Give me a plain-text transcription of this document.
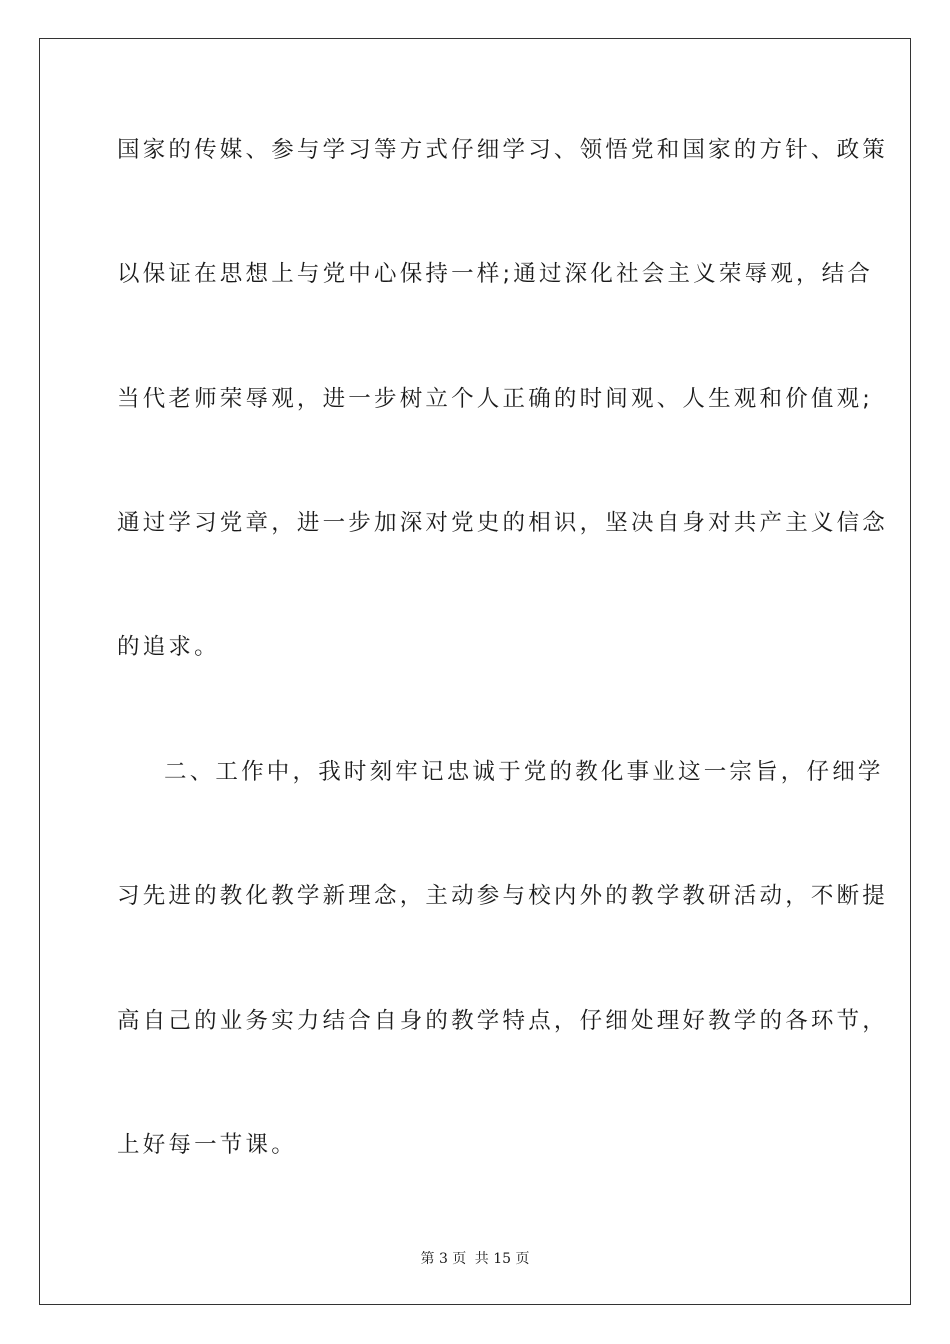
国家的传媒、参与学习等方式仔细学习、领悟党和国家的方针、政策
以保证在思想上与党中心保持一样;通过深化社会主义荣辱观，结合
当代老师荣辱观，进一步树立个人正确的时间观、人生观和价值观;
通过学习党章，进一步加深对党史的相识，坚决自身对共产主义信念
的追求。
二、工作中，我时刻牢记忠诚于党的教化事业这一宗旨，仔细学
习先进的教化教学新理念，主动参与校内外的教学教研活动，不断提
高自己的业务实力结合自身的教学特点，仔细处理好教学的各环节，
上好每一节课。
第 3 页 共 15 页
